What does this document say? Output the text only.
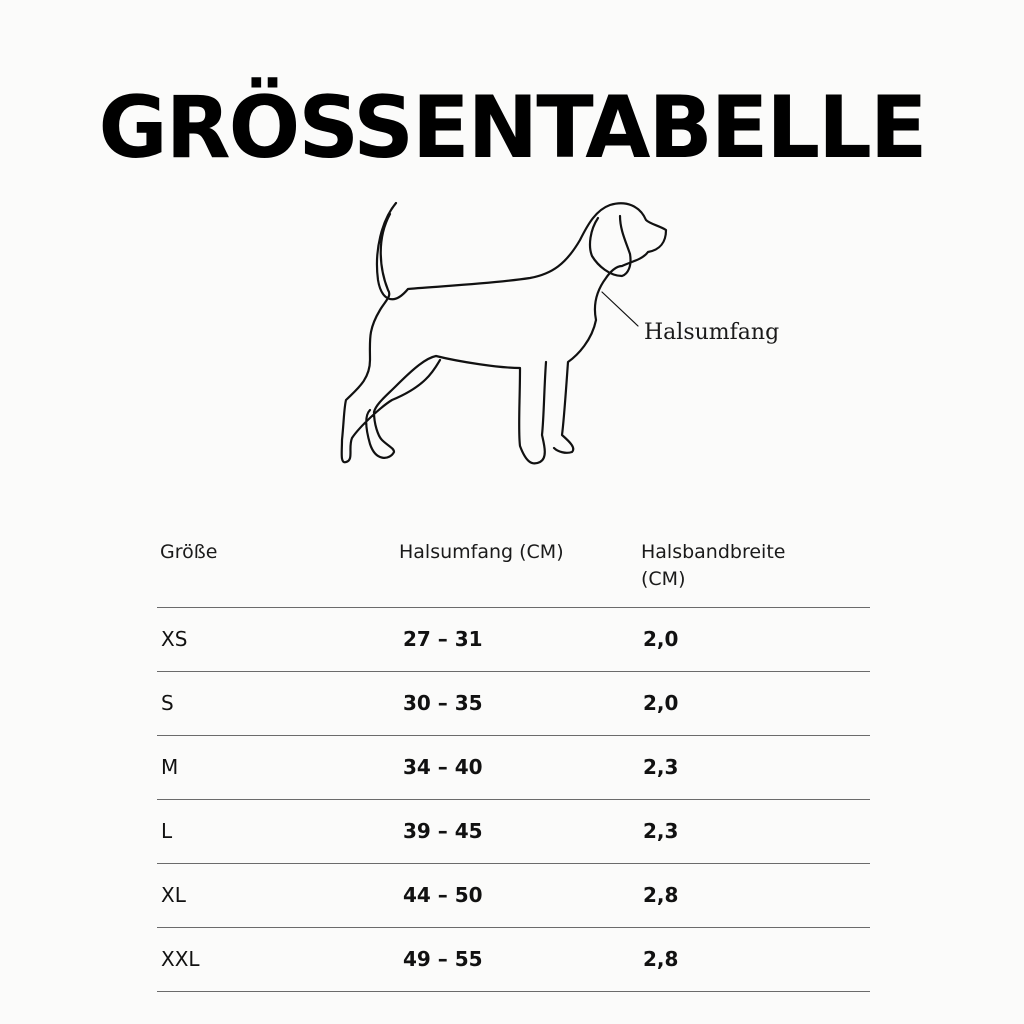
GRÖSSENTABELLE
Halsumfang
Größe	Halsumfang (CM)	Halsbandbreite
(CM)
XS	27 – 31	2,0
S	30 – 35	2,0
M	34 – 40	2,3
L	39 – 45	2,3
XL	44 – 50	2,8
XXL	49 – 55	2,8
